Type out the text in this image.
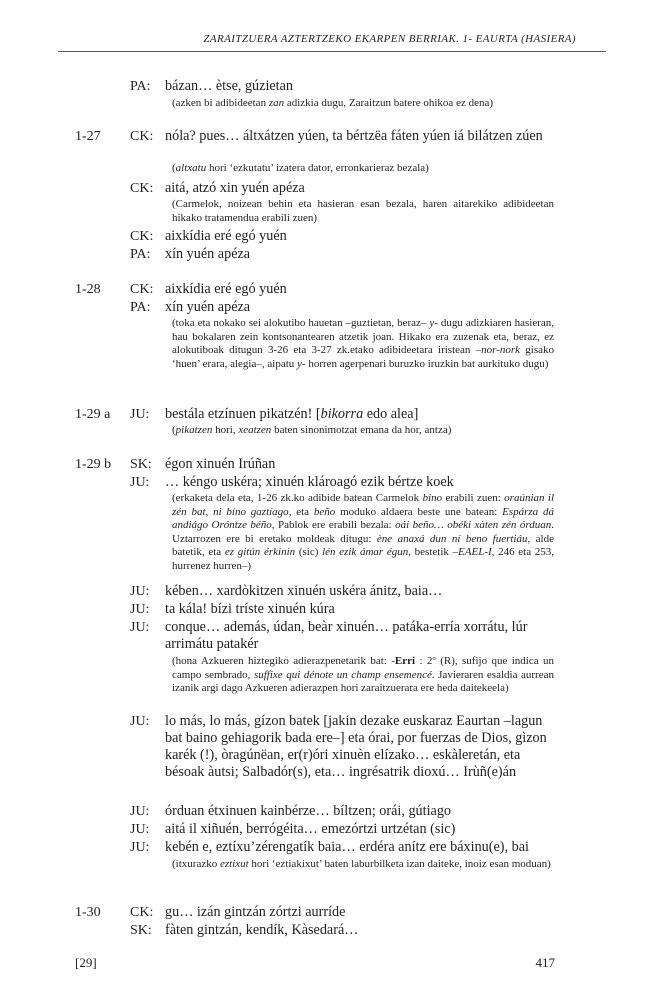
ZARAITZUERA AZTERTZEKO EKARPEN BERRIAK. 1- EAURTA (HASIERA)
PA: bázan… ètse, gúzietan
(azken bi adibideetan zan adizkia dugu, Zaraitzun batere ohikoa ez dena)
1-27 CK: nóla? pues… áltxátzen yúen, ta bértzëa fáten yúen iá bilátzen zúen
(altxatu hori ‘ezkutatu’ izatera dator, erronkarieraz bezala)
CK: aitá, atzó xin yuén apéza
(Carmelok, noizean behin eta hasieran esan bezala, haren aitarekiko adibideetan hikako tratamendua erabili zuen)
CK: aixkídia eré egó yuén
PA: xín yuén apéza
1-28 CK: aixkídia eré egó yuén
PA: xín yuén apéza
(toka eta nokako sei alokutibo hauetan –guztietan, beraz– y- dugu adizkiaren hasieran, hau bokalaren zein kontsonantearen atzetik joan. Hikako era zuzenak eta, beraz, ez alokutiboak ditugun 3-26 eta 3-27 zk.etako adibideetara iristean –nor-nork gisako ‘huen’ erara, alegia–, aipatu y- horren agerpenari buruzko iruzkin bat aurkituko dugu)
1-29 a JU: bestála etzínuen pikatzén! [bikorra edo alea]
(pikatzen hori, xeatzen baten sinonimotzat emana da hor, antza)
1-29 b SK: égon xinuén Irúñan
JU: … kéngo uskéra; xinuén klároagó ezik bértze koek
(erkaketa dela eta, 1-26 zk.ko adibide batean Carmelok bino erabili zuen: oraúnian il zén bat, ni bíno gaztíago, eta beño moduko aldaera beste une batean: Espárza dá andiágo Oróntze béño, Pablok ere erabili bezala: oái beño… obéki xàten zén órduan. Uztarrozen ere bi eretako moldeak ditugu: ène anaxá dun ní beno fuertiáu, alde batetik, eta ez gitún érkinin (sic) lén ezik ámar égun, bestetik –EAEL-I, 246 eta 253, hurrenez hurren–)
JU: kében… xardòkitzen xinuén uskéra ánitz, baia…
JU: ta kála! bízi tríste xinuén kúra
JU: conque… además, údan, beàr xinuén… patáka-erría xorrátu, lúr arrimátu patakér
(hona Azkueren hiztegiko adierazpenetarik bat: -Erri : 2º (R), sufijo que indica un campo sembrado, suffixe qui dénote un champ ensemencé. Javieraren esaldia aurrean izanik argi dago Azkueren adierazpen hori zaraitzuerara ere heda daitekeela)
JU: lo más, lo más, gízon batek [jakin dezake euskaraz Eaurtan –lagun bat baino gehiagorik bada ere–] eta órai, por fuerzas de Dios, gìzon karék (!), òragúnëan, er(r)óri xinuèn elízako… eskàleretán, eta bésoak àutsi; Salbadór(s), eta… ingrésatrik dioxú… Irùñ(e)án
JU: órduan étxinuen kainbérze… bíltzen; orái, gútiago
JU: aitá il xiñuén, berrógéita… emezórtzi urtzétan (sic)
JU: kebén e, eztíxu’zérengatík baia… erdéra anítz ere báxinu(e), bai
(itxurazko eztixut hori ‘eztiakixut’ baten laburbilketa izan daiteke, inoiz esan moduan)
1-30 CK: gu… izán gintzán zórtzi aurríde
SK: fàten gintzán, kendík, Kàsedará…
[29]	417
